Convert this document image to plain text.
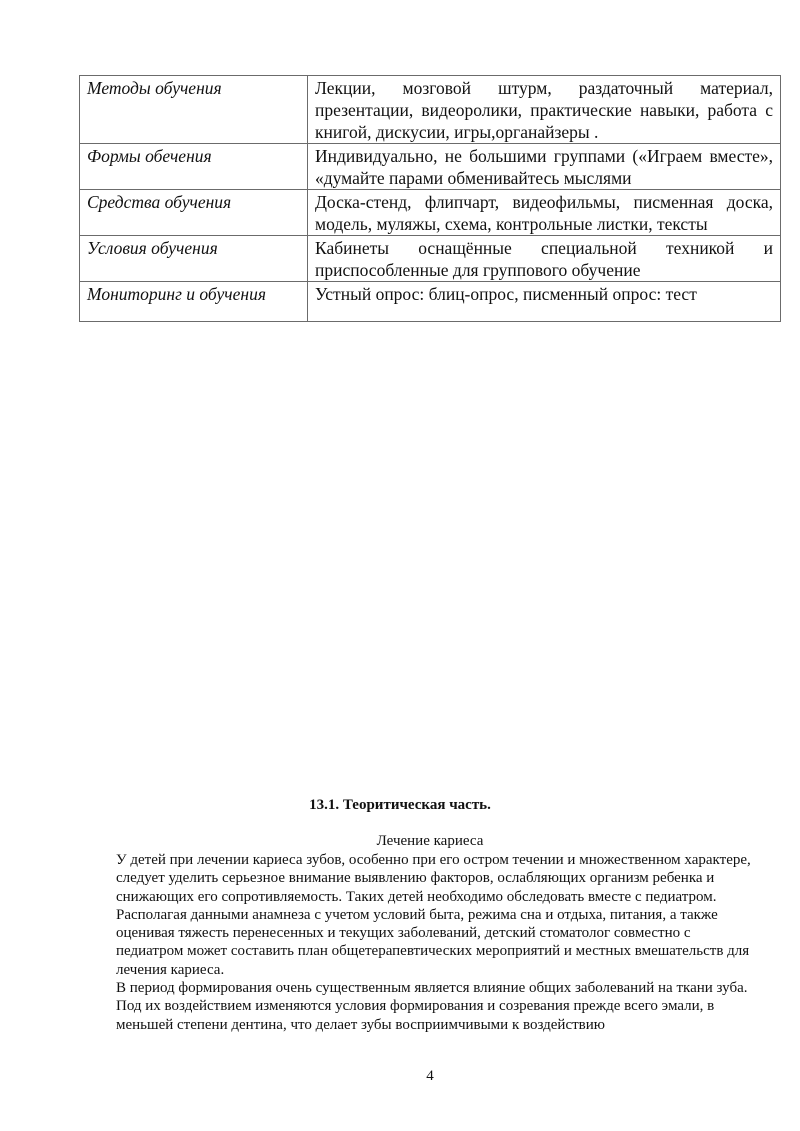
Методы обучения	Лекции, мозговой штурм, раздаточный материал, презентации, видеоролики, практические навыки, работа с книгой, дискусии, игры,органайзеры .
Формы обечения	Индивидуально, не большими группами («Играем вместе», «думайте парами обменивайтесь мыслями
Средства обучения	Доска-стенд, флипчарт, видеофильмы, писменная доска, модель, муляжы, схема, контрольные листки, тексты
Условия обучения	Кабинеты оснащённые специальной техникой и приспособленные для группового обучение
Мониторинг и обучения	Устный опрос: блиц-опрос, писменный опрос: тест
13.1. Теоритическая часть.
Лечение кариеса

У детей при лечении кариеса зубов, особенно при его остром течении и множественном характере, следует уделить серьезное внимание выявлению факторов, ослабляющих организм ребенка и снижающих его сопротивляемость. Таких детей необходимо обследовать вместе с педиатром. Располагая данными анамнеза с учетом условий быта, режима сна и отдыха, питания, а также оценивая тяжесть перенесенных и текущих заболеваний, детский стоматолог совместно с педиатром может составить план общетерапевтических мероприятий и местных вмешательств для лечения кариеса.

В период формирования очень существенным является влияние общих заболеваний на ткани зуба. Под их воздействием изменяются условия формирования и созревания прежде всего эмали, в меньшей степени дентина, что делает зубы восприимчивыми к воздействию

4
